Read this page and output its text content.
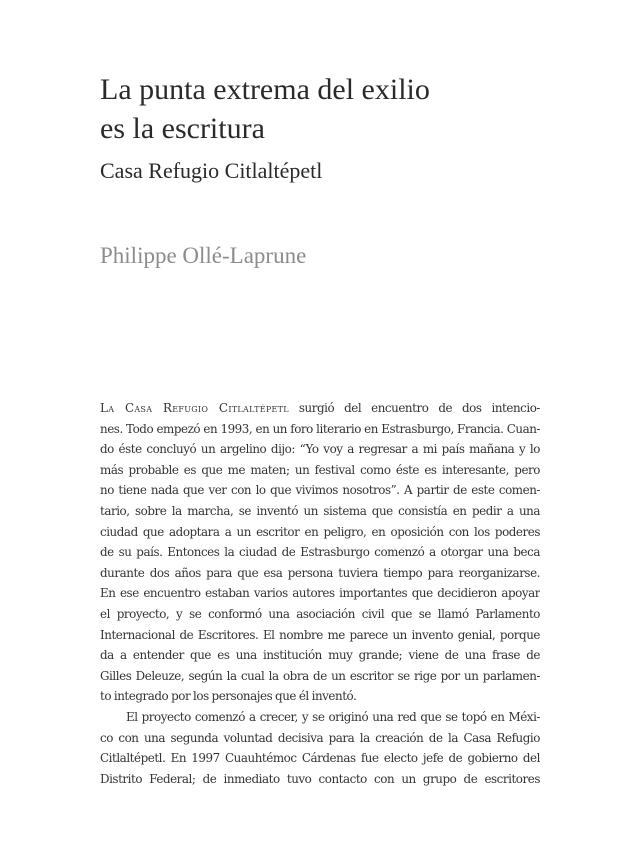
La punta extrema del exilio
es la escritura
Casa Refugio Citlaltépetl
Philippe Ollé-Laprune
La Casa Refugio Citlaltépetl surgió del encuentro de dos intencio-
nes. Todo empezó en 1993, en un foro literario en Estrasburgo, Francia. Cuan-
do éste concluyó un argelino dijo: “Yo voy a regresar a mi país mañana y lo
más probable es que me maten; un festival como éste es interesante, pero
no tiene nada que ver con lo que vivimos nosotros”. A partir de este comen-
tario, sobre la marcha, se inventó un sistema que consistía en pedir a una
ciudad que adoptara a un escritor en peligro, en oposición con los poderes
de su país. Entonces la ciudad de Estrasburgo comenzó a otorgar una beca
durante dos años para que esa persona tuviera tiempo para reorganizarse.
En ese encuentro estaban varios autores importantes que decidieron apoyar
el proyecto, y se conformó una asociación civil que se llamó Parlamento
Internacional de Escritores. El nombre me parece un invento genial, porque
da a entender que es una institución muy grande; viene de una frase de
Gilles Deleuze, según la cual la obra de un escritor se rige por un parlamen-
to integrado por los personajes que él inventó.
El proyecto comenzó a crecer, y se originó una red que se topó en Méxi-
co con una segunda voluntad decisiva para la creación de la Casa Refugio
Citlaltépetl. En 1997 Cuauhtémoc Cárdenas fue electo jefe de gobierno del
Distrito Federal; de inmediato tuvo contacto con un grupo de escritores
